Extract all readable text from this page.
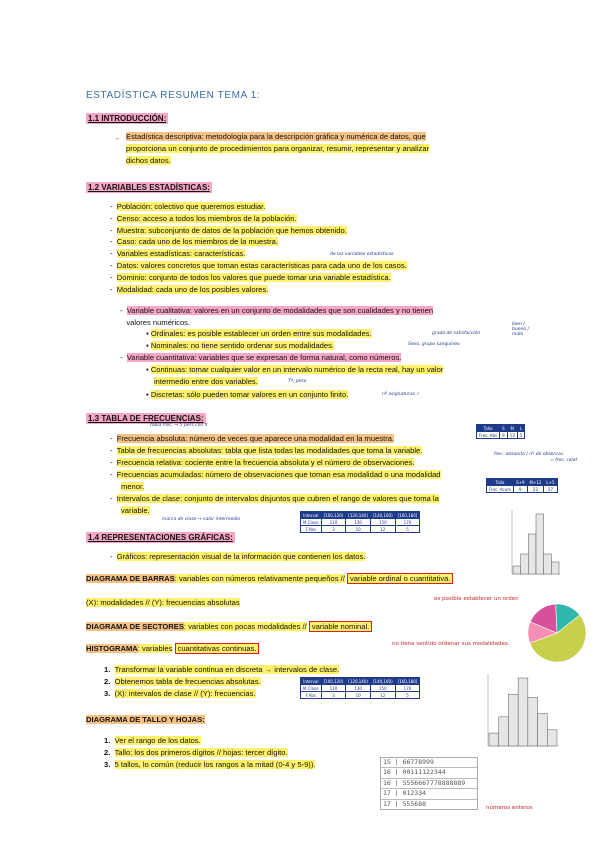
ESTADÍSTICA RESUMEN TEMA 1:
1.1 INTRODUCCIÓN:
- Estadística descriptiva: metodología para la descripción gráfica y numérica de datos, que
proporciona un conjunto de procedimientos para organizar, resumir, representar y analizar
dichos datos.
1.2 VARIABLES ESTADÍSTICAS:
-  Población: colectivo que queremos estudiar.
-  Censo: acceso a todos los miembros de la población.
-  Muestra: subconjunto de datos de la población que hemos obtenido.
-  Caso: cada uno de los miembros de la muestra.
-  Variables estadísticas: características.
-  Datos: valores concretos que toman estas características para cada uno de los casos.
-  Dominio: conjunto de todos los valores que puede tomar una variable estadística.
-  Modalidad: cada uno de los posibles valores.
-  Variable cualitativa: valores en un conjunto de modalidades que son cualidades y no tienen
valores numéricos.
▪ Ordinales: es posible establecer un orden entre sus modalidades.
▪ Nominales: no tiene sentido ordenar sus modalidades.
-  Variable cuantitativa: variables que se expresan de forma natural, como números.
▪ Continuas: tomar cualquier valor en un intervalo numérico de la recta real, hay un valor
intermedio entre dos variables.
▪ Discretas: sólo pueden tomar valores en un conjunto finito.
de las variables estadísticas
grado de satisfacción
bien / bueno / malo
Sexo, grupo sanguíneo
Tª, peso
nº asignaturas ✓
1.3 TABLA DE FRECUENCIAS:
tabla frec. → 5 pers con X
-  Frecuencia absoluta: número de veces que aparece una modalidad en la muestra.
-  Tabla de frecuencias absolutas: tabla que lista todas las modalidades que toma la variable.
-  Frecuencia relativa: cociente entre la frecuencia absoluta y el número de observaciones.
-  Frecuencias acumuladas: número de observaciones que toman esa modalidad o una modalidad
menor.
-  Intervalos de clase: conjunto de intervalos disjuntos que cubren el rango de valores que toma la
variable.
marca de clase → valor intermedio
frec. absoluta / nº de observac.
= frec. relat
Talla	S	M	L
Frec. Abs	9	13	5
Talla	S+9	M+12	L+5
Frec. Acum	9	22	27
Interval	[100,120)	[120,140)	[140,160)	[160,180]
M.Clase	110	130	150	170
F.Abs	3	10	12	5
1.4 REPRESENTACIONES GRÁFICAS:
-  Gráficos: representación visual de la información que contienen los datos.
DIAGRAMA DE BARRAS: variables con números relativamente pequeños // variable ordinal o cuantitativa.
es posible establecer un orden
(X): modalidades // (Y): frecuencias absolutas
DIAGRAMA DE SECTORES: variables con pocas modalidades // variable nominal.
no tiene sentido ordenar sus modalidades.
HISTOGRAMA: variables cuantitativas continuas.
1. Transformar la variable continua en discreta → intervalos de clase.
2. Obtenemos tabla de frecuencias absolutas.
3. (X): intervalos de clase // (Y): frecuencias.
Interval	[100,120)	[120,140)	[140,160)	[160,180]
M.Clase	110	130	150	170
F.Abs	3	10	12	5
DIAGRAMA DE TALLO Y HOJAS:
1. Ver el rango de los datos.
2. Tallo: los dos primeros dígitos // hojas: tercer dígito.
3. 5 tallos, lo común (reducir los rangos a la mitad (0-4 y 5-9)).	15 | 66778999
16 | 00111122344
16 | 5556667778888889
17 | 012334
17 | 555688
números enteros
